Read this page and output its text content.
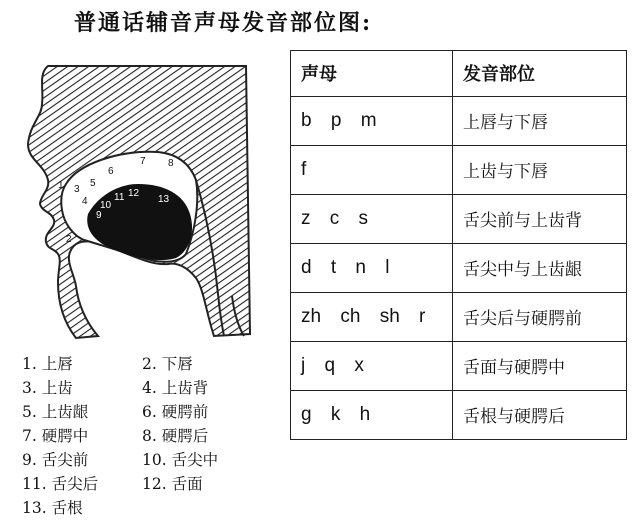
普通话辅音声母发音部位图:
1
2
3
4
5
6
7 8
9
10
11 12
13
1. 上唇	2. 下唇
3. 上齿	4. 上齿背
5. 上齿龈	6. 硬腭前
7. 硬腭中	8. 硬腭后
9. 舌尖前	10. 舌尖中
11. 舌尖后	12. 舌面
13. 舌根
声母	发音部位
b p m	上唇与下唇
f	上齿与下唇
z c s	舌尖前与上齿背
d t n l	舌尖中与上齿龈
zh ch sh r	舌尖后与硬腭前
j q x	舌面与硬腭中
g k h	舌根与硬腭后
